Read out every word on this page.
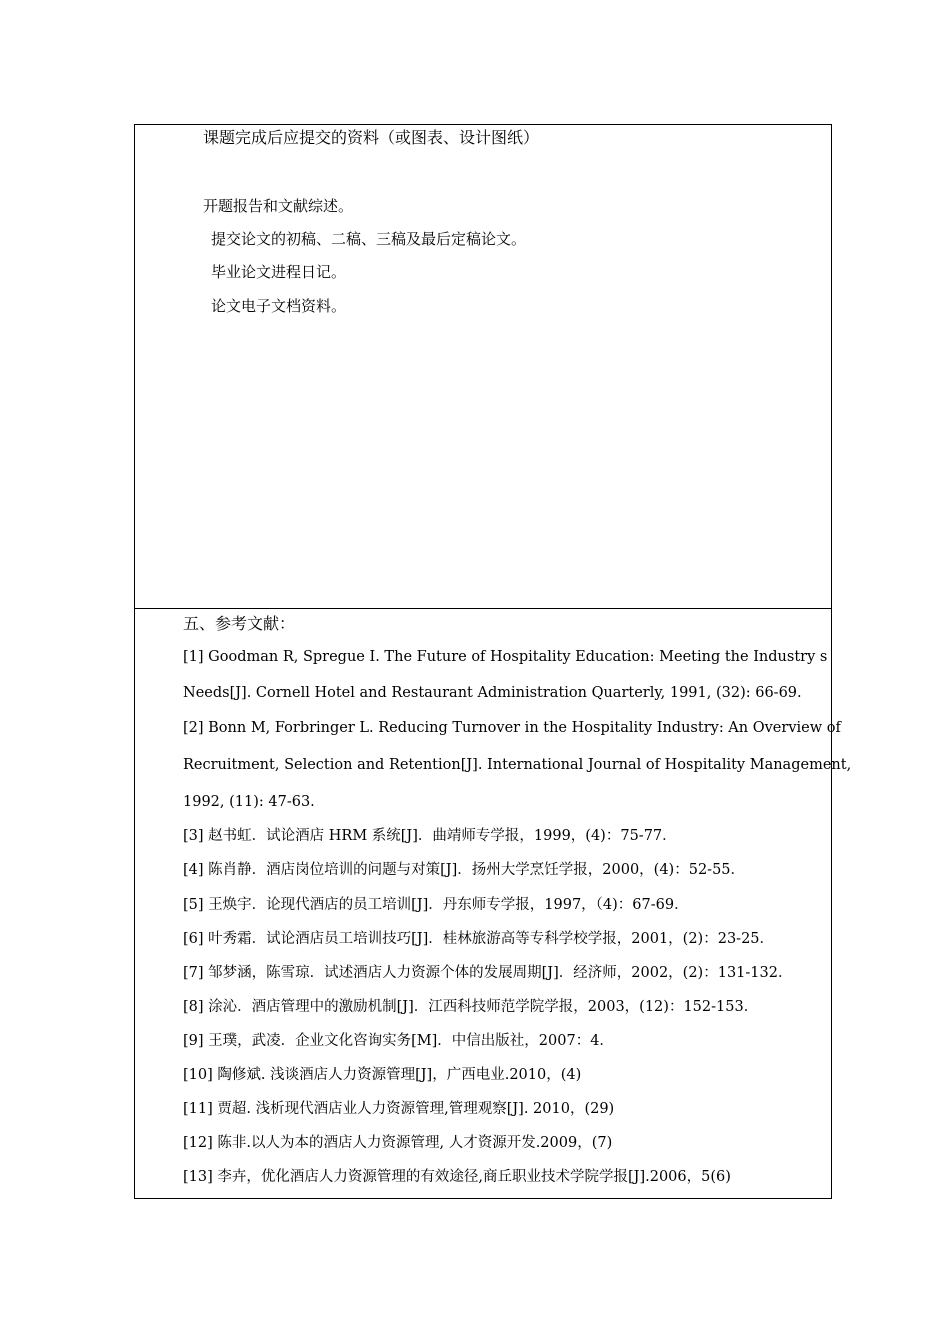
课题完成后应提交的资料（或图表、设计图纸）
开题报告和文献综述。
提交论文的初稿、二稿、三稿及最后定稿论文。
毕业论文进程日记。
论文电子文档资料。
五、参考文献：
[1] Goodman R, Spregue I. The Future of Hospitality Education: Meeting the Industry s
Needs[J]. Cornell Hotel and Restaurant Administration Quarterly, 1991, (32): 66-69.
[2] Bonn M, Forbringer L. Reducing Turnover in the Hospitality Industry: An Overview of
Recruitment, Selection and Retention[J]. International Journal of Hospitality Management,
1992, (11): 47-63.
[3] 赵书虹．试论酒店 HRM 系统[J]．曲靖师专学报，1999，(4)：75-77．
[4] 陈肖静．酒店岗位培训的问题与对策[J]．扬州大学烹饪学报，2000，(4)：52-55．
[5] 王焕宇．论现代酒店的员工培训[J]．丹东师专学报，1997，（4)：67-69．
[6] 叶秀霜．试论酒店员工培训技巧[J]．桂林旅游高等专科学校学报，2001，(2)：23-25．
[7] 邹梦涵，陈雪琼．试述酒店人力资源个体的发展周期[J]．经济师，2002，(2)：131-132．
[8] 涂沁．酒店管理中的激励机制[J]．江西科技师范学院学报，2003，(12)：152-153．
[9] 王璞，武凌．企业文化咨询实务[M]．中信出版社，2007：4．
[10] 陶修斌. 浅谈酒店人力资源管理[J]，广西电业.2010，(4)
[11] 贾超. 浅析现代酒店业人力资源管理,管理观察[J]. 2010，(29)
[12] 陈非.以人为本的酒店人力资源管理, 人才资源开发.2009，(7)
[13] 李卉，优化酒店人力资源管理的有效途径,商丘职业技术学院学报[J].2006，5(6)
